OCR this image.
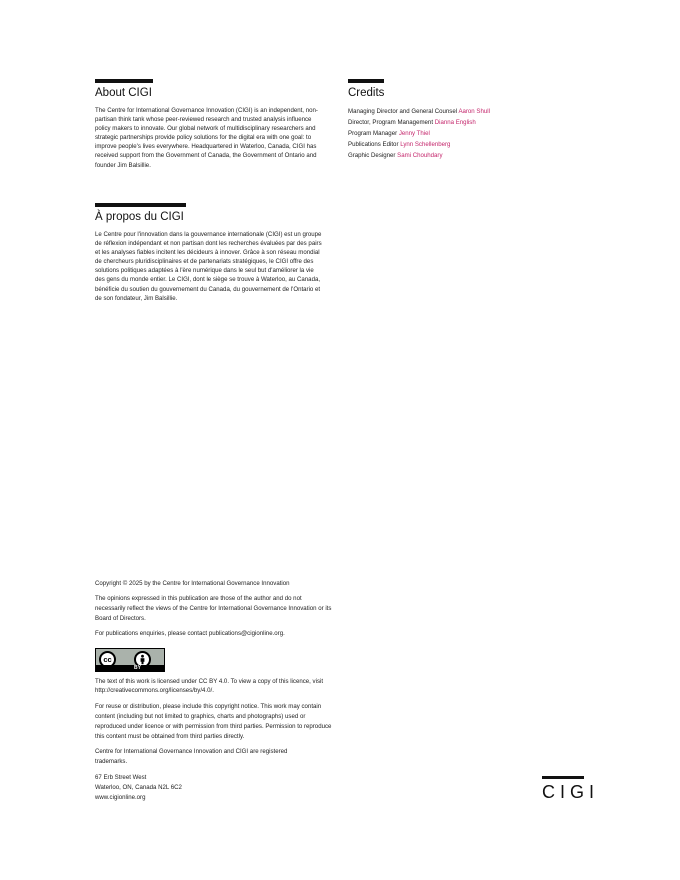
About CIGI

The Centre for International Governance Innovation (CIGI) is an independent, non-partisan think tank whose peer-reviewed research and trusted analysis influence policy makers to innovate. Our global network of multidisciplinary researchers and strategic partnerships provide policy solutions for the digital era with one goal: to improve people's lives everywhere. Headquartered in Waterloo, Canada, CIGI has received support from the Government of Canada, the Government of Ontario and founder Jim Balsillie.

Credits
Managing Director and General Counsel Aaron Shull
Director, Program Management Dianna English
Program Manager Jenny Thiel
Publications Editor Lynn Schellenberg
Graphic Designer Sami Chouhdary
À propos du CIGI

Le Centre pour l'innovation dans la gouvernance internationale (CIGI) est un groupe de réflexion indépendant et non partisan dont les recherches évaluées par des pairs et les analyses fiables incitent les décideurs à innover. Grâce à son réseau mondial de chercheurs pluridisciplinaires et de partenariats stratégiques, le CIGI offre des solutions politiques adaptées à l'ère numérique dans le seul but d'améliorer la vie des gens du monde entier. Le CIGI, dont le siège se trouve à Waterloo, au Canada, bénéficie du soutien du gouvernement du Canada, du gouvernement de l'Ontario et de son fondateur, Jim Balsillie.

Copyright © 2025 by the Centre for International Governance Innovation

The opinions expressed in this publication are those of the author and do not necessarily reflect the views of the Centre for International Governance Innovation or its Board of Directors.

For publications enquiries, please contact publications@cigionline.org.

cc
BY

The text of this work is licensed under CC BY 4.0. To view a copy of this licence, visit http://creativecommons.org/licenses/by/4.0/.

For reuse or distribution, please include this copyright notice. This work may contain content (including but not limited to graphics, charts and photographs) used or reproduced under licence or with permission from third parties. Permission to reproduce this content must be obtained from third parties directly.

Centre for International Governance Innovation and CIGI are registered trademarks.

67 Erb Street West

Waterloo, ON, Canada N2L 6C2

www.cigionline.org	CIGI
